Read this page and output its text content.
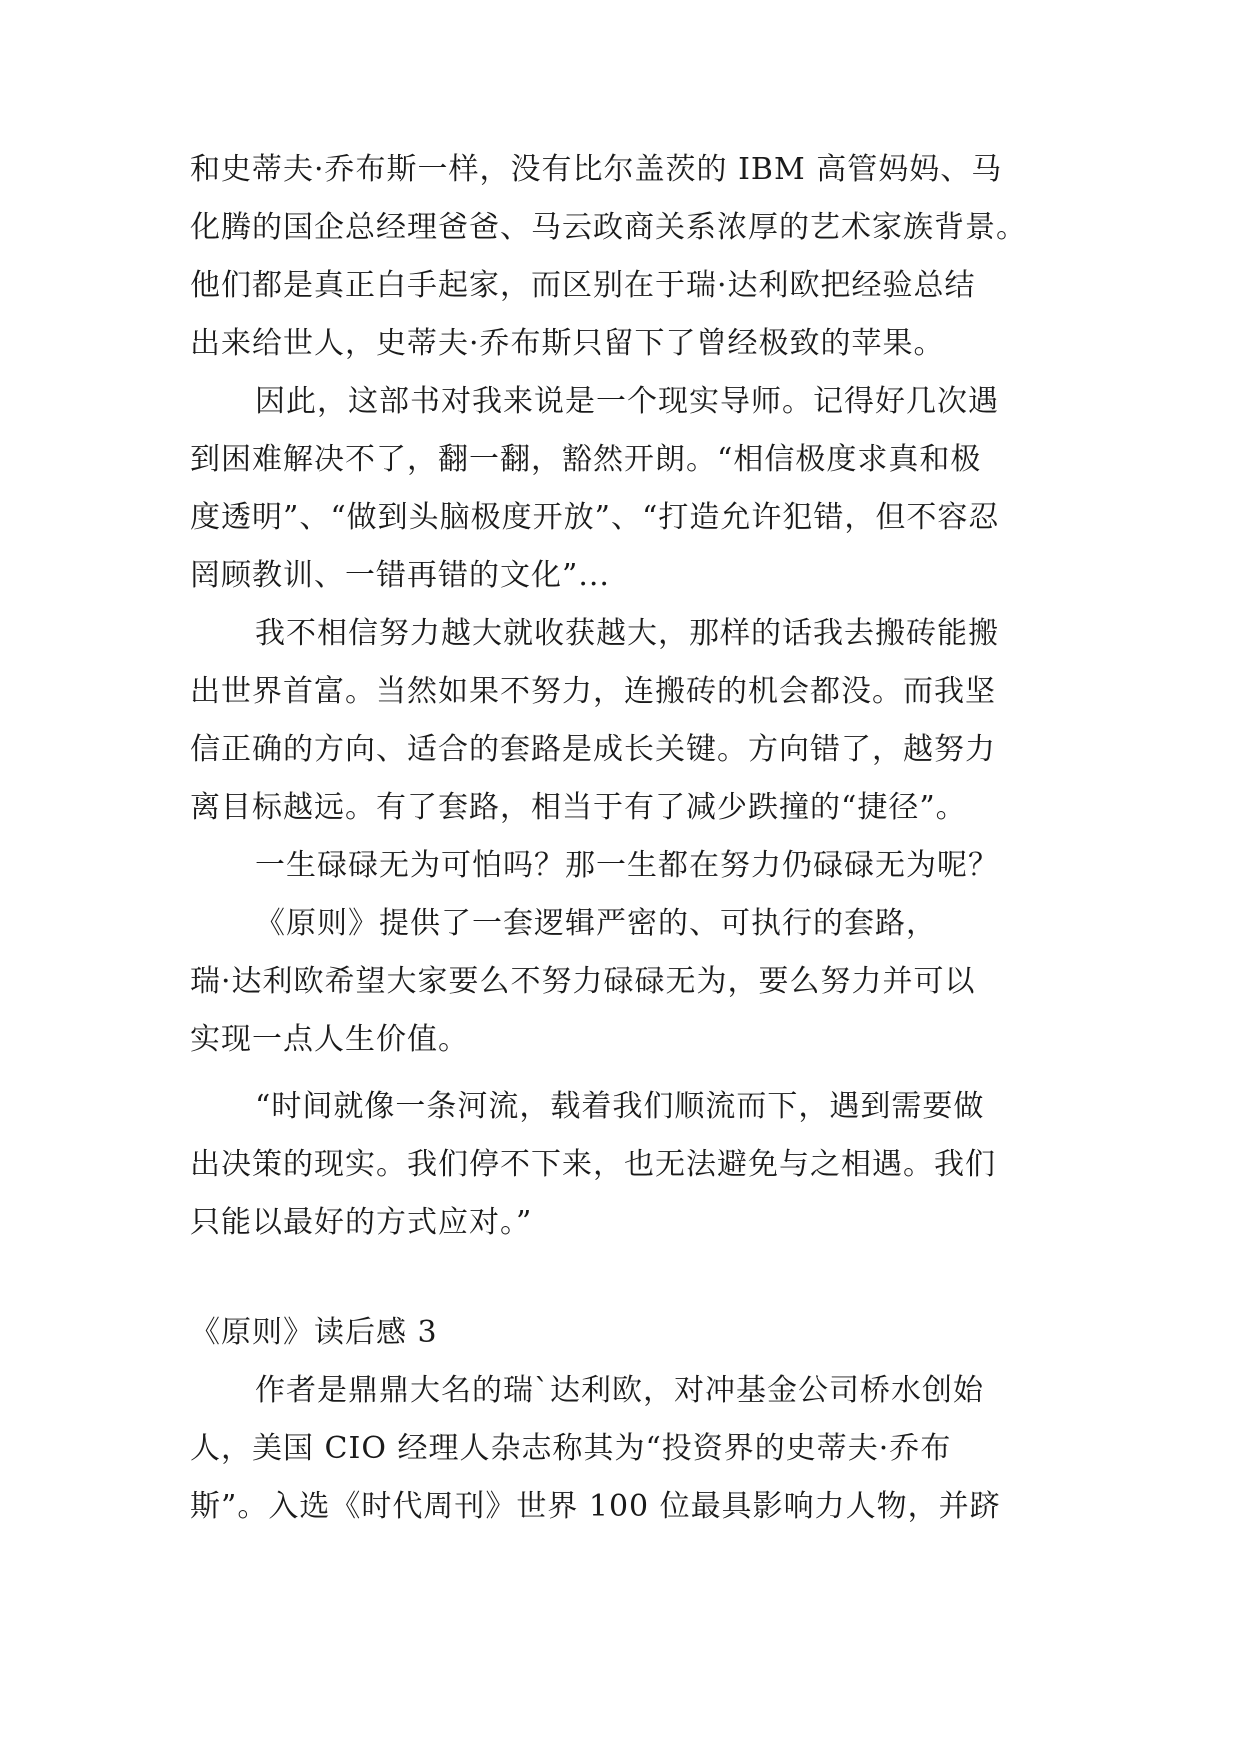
和史蒂夫·乔布斯一样，没有比尔盖茨的 IBM 高管妈妈、马
化腾的国企总经理爸爸、马云政商关系浓厚的艺术家族背景。
他们都是真正白手起家，而区别在于瑞·达利欧把经验总结
出来给世人，史蒂夫·乔布斯只留下了曾经极致的苹果。
因此，这部书对我来说是一个现实导师。记得好几次遇
到困难解决不了，翻一翻，豁然开朗。“相信极度求真和极
度透明”、“做到头脑极度开放”、“打造允许犯错，但不容忍
罔顾教训、一错再错的文化”...
我不相信努力越大就收获越大，那样的话我去搬砖能搬
出世界首富。当然如果不努力，连搬砖的机会都没。而我坚
信正确的方向、适合的套路是成长关键。方向错了，越努力
离目标越远。有了套路，相当于有了减少跌撞的“捷径”。
一生碌碌无为可怕吗？那一生都在努力仍碌碌无为呢？
《原则》提供了一套逻辑严密的、可执行的套路，
瑞·达利欧希望大家要么不努力碌碌无为，要么努力并可以
实现一点人生价值。
“时间就像一条河流，载着我们顺流而下，遇到需要做
出决策的现实。我们停不下来，也无法避免与之相遇。我们
只能以最好的方式应对。”
《原则》读后感 3
作者是鼎鼎大名的瑞`达利欧，对冲基金公司桥水创始
人，美国 CIO 经理人杂志称其为“投资界的史蒂夫·乔布
斯”。入选《时代周刊》世界 100 位最具影响力人物，并跻
